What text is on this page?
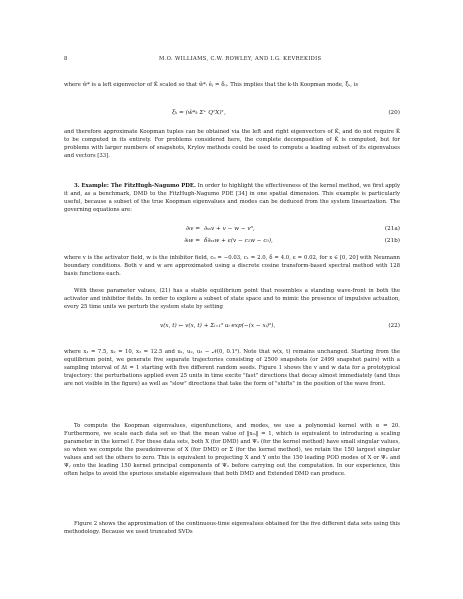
8	M.O. WILLIAMS, C.W. ROWLEY, AND I.G. KEVREKIDIS

where w̃* is a left eigenvector of K̃ scaled so that w̃*ᵢ êⱼ = δᵢⱼ. This implies that the k-th Koopman mode, ξ̃ₖ, is

ξₖ = (w̃*ₖ Σ⁺ QᵀX)ᵀ,	(20)

and therefore approximate Koopman tuples can be obtained via the left and right eigenvectors of K̃, and do not require K̃ to be computed in its entirety. For problems considered here, the complete decomposition of K̃ is computed, but for problems with larger numbers of snapshots, Krylov methods could be used to compute a leading subset of its eigenvalues and vectors [33].

3. Example: The FitzHugh-Nagumo PDE. In order to highlight the effectiveness of the kernel method, we first apply it and, as a benchmark, DMD to the FitzHugh-Nagumo PDE [34] in one spatial dimension. This example is particularly useful, because a subset of the true Koopman eigenvalues and modes can be deduced from the system linearization. The governing equations are:

∂ₜv = ∂ₓₓv + v − w − v³,	(21a)
∂ₜw = δ∂ₓₓw + ϵ(v − c₁w − c₀),	(21b)

where v is the activator field, w is the inhibitor field, c₀ = −0.03, c₁ = 2.0, δ = 4.0, ϵ = 0.02, for x ∈ [0, 20] with Neumann boundary conditions. Both v and w are approximated using a discrete cosine transform-based spectral method with 128 basis functions each.

With these parameter values, (21) has a stable equilibrium point that resembles a standing wave-front in both the activator and inhibitor fields. In order to explore a subset of state space and to mimic the presence of impulsive actuation, every 25 time units we perturb the system state by setting

v(x, t) ← v(x, t) + Σᵢ₌₁³ uᵢ exp(−(x − xᵢ)²),	(22)

where x₁ = 7.5, x₂ = 10, x₃ = 12.5 and u₁, u₂, u₃ ∼ 𝒩(0, 0.1²). Note that w(x, t) remains unchanged. Starting from the equilibrium point, we generate five separate trajectories consisting of 2500 snapshots (or 2499 snapshot pairs) with a sampling interval of Δt = 1 starting with five different random seeds. Figure 1 shows the v and w data for a prototypical trajectory: the perturbations applied even 25 units in time excite "fast" directions that decay almost immediately (and thus are not visible in the figure) as well as "slow" directions that take the form of "shifts" in the position of the wave front.

To compute the Koopman eigenvalues, eigenfunctions, and modes, we use a polynomial kernel with α = 20. Furthermore, we scale each data set so that the mean value of ‖xₘ‖ = 1, which is equivalent to introducing a scaling parameter in the kernel f. For these data sets, both X (for DMD) and Ψₓ (for the kernel method) have small singular values, so when we compute the pseudoinverse of X (for DMD) or Σ (for the kernel method), we retain the 150 largest singular values and set the others to zero. This is equivalent to projecting X and Y onto the 150 leading POD modes of X or Ψₓ and Ψᵧ onto the leading 150 kernel principal components of Ψₓ before carrying out the computation. In our experience, this often helps to avoid the spurious unstable eigenvalues that both DMD and Extended DMD can produce.

Figure 2 shows the approximation of the continuous-time eigenvalues obtained for the five different data sets using this methodology. Because we used truncated SVDs
